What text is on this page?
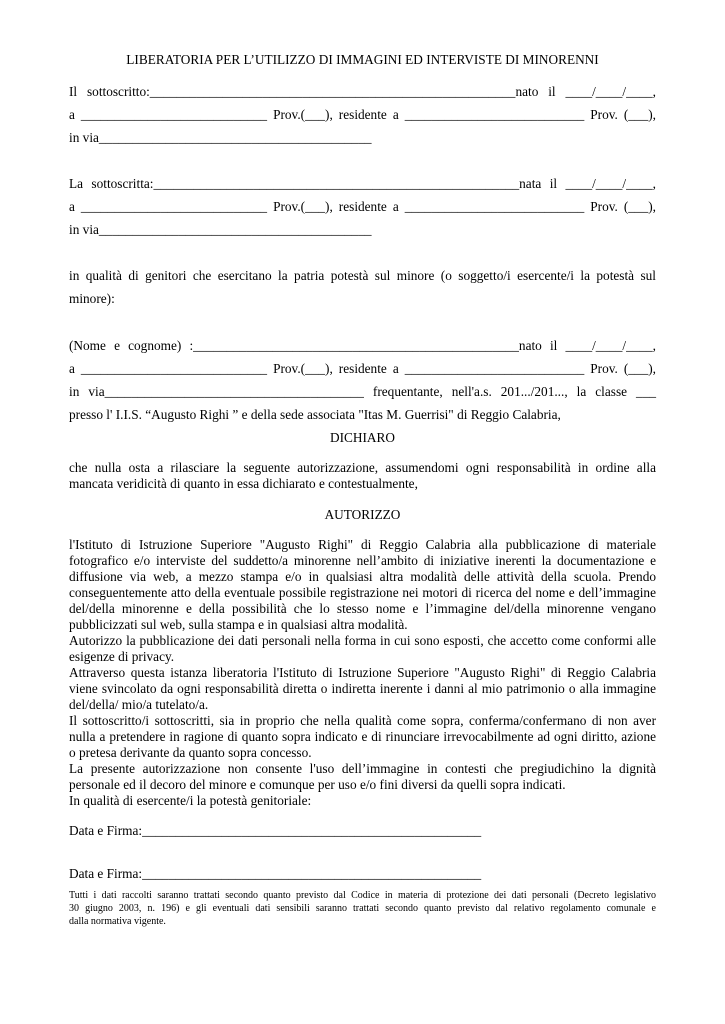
LIBERATORIA PER L’UTILIZZO DI IMMAGINI ED INTERVISTE DI MINORENNI
Il sottoscritto:_______________________________________________________nato il ____/____/____,
a ____________________________ Prov.(___), residente a ___________________________ Prov. (___),
in via_________________________________________
La sottoscritta:_______________________________________________________nata il ____/____/____,
a ____________________________ Prov.(___), residente a ___________________________ Prov. (___),
in via_________________________________________
in qualità di genitori che esercitano la patria potestà sul minore (o soggetto/i esercente/i la potestà sul
minore):
(Nome e cognome) :_________________________________________________nato il ____/____/____,
a ____________________________ Prov.(___), residente a ___________________________ Prov. (___),
in via_______________________________________ frequentante, nell'a.s. 201.../201..., la classe ___
presso l' I.I.S. “Augusto Righi ” e della sede associata "Itas M. Guerrisi" di Reggio Calabria,
DICHIARO
che nulla osta a rilasciare la seguente autorizzazione, assumendomi ogni responsabilità in ordine alla
mancata veridicità di quanto in essa dichiarato e contestualmente,
AUTORIZZO
l'Istituto di Istruzione Superiore "Augusto Righi" di Reggio Calabria alla pubblicazione di materiale
fotografico e/o interviste del suddetto/a minorenne nell’ambito di iniziative inerenti la documentazione e
diffusione via web, a mezzo stampa e/o in qualsiasi altra modalità delle attività della scuola. Prendo
conseguentemente atto della eventuale possibile registrazione nei motori di ricerca del nome e dell’immagine
del/della minorenne e della possibilità che lo stesso nome e l’immagine del/della minorenne vengano
pubblicizzati sul web, sulla stampa e in qualsiasi altra modalità.
Autorizzo la pubblicazione dei dati personali nella forma in cui sono esposti, che accetto come conformi alle
esigenze di privacy.
Attraverso questa istanza liberatoria l'Istituto di Istruzione Superiore "Augusto Righi" di Reggio Calabria
viene svincolato da ogni responsabilità diretta o indiretta inerente i danni al mio patrimonio o alla immagine
del/della/ mio/a tutelato/a.
Il sottoscritto/i sottoscritti, sia in proprio che nella qualità come sopra, conferma/confermano di non aver
nulla a pretendere in ragione di quanto sopra indicato e di rinunciare irrevocabilmente ad ogni diritto, azione
o pretesa derivante da quanto sopra concesso.
La presente autorizzazione non consente l'uso dell’immagine in contesti che pregiudichino la dignità
personale ed il decoro del minore e comunque per uso e/o fini diversi da quelli sopra indicati.
In qualità di esercente/i la potestà genitoriale:
Data e Firma:___________________________________________________
Data e Firma:___________________________________________________
Tutti i dati raccolti saranno trattati secondo quanto previsto dal Codice in materia di protezione dei dati personali (Decreto legislativo
30 giugno 2003, n. 196) e gli eventuali dati sensibili saranno trattati secondo quanto previsto dal relativo regolamento comunale e
dalla normativa vigente.
